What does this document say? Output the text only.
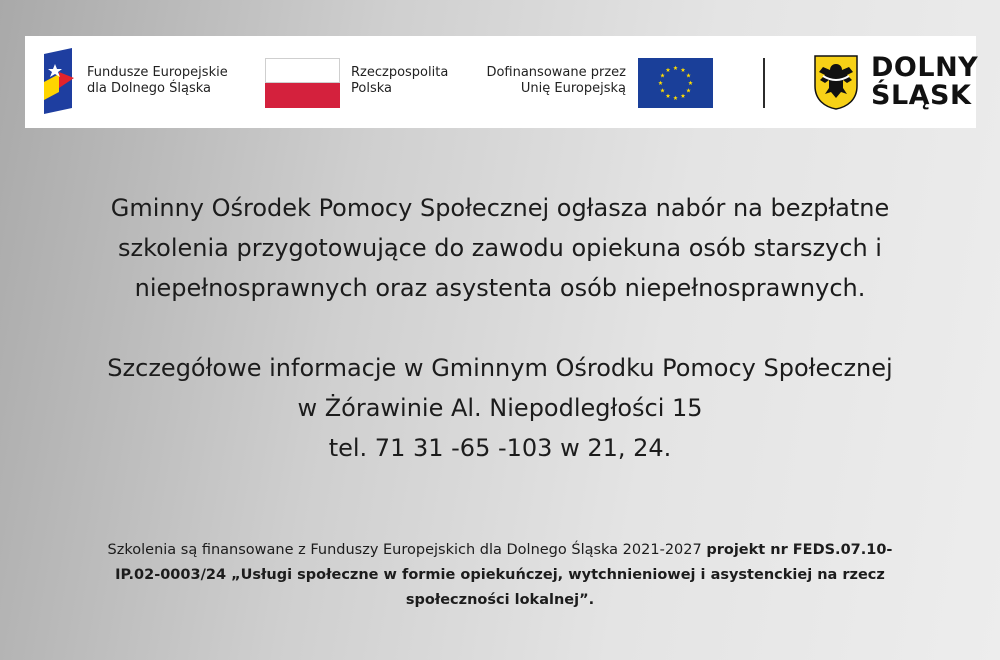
Fundusze Europejskie
dla Dolnego Śląska
Rzeczpospolita
Polska
Dofinansowane przez
Unię Europejską
DOLNY
ŚLĄSK
Gminny Ośrodek Pomocy Społecznej ogłasza nabór na bezpłatne
szkolenia przygotowujące do zawodu opiekuna osób starszych i
niepełnosprawnych oraz asystenta osób niepełnosprawnych.
Szczegółowe informacje w Gminnym Ośrodku Pomocy Społecznej
w Żórawinie Al. Niepodległości 15
tel. 71 31 -65 -103 w 21, 24.
Szkolenia są finansowane z Funduszy Europejskich dla Dolnego Śląska 2021-2027 projekt nr FEDS.07.10-
IP.02-0003/24 „Usługi społeczne w formie opiekuńczej, wytchnieniowej i asystenckiej na rzecz
społeczności lokalnej”.
